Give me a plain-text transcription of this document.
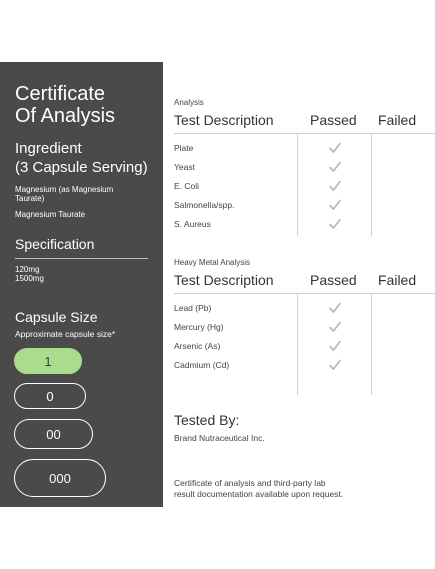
Certificate
Of Analysis
Ingredient
(3 Capsule Serving)
Magnesium (as Magnesium
Taurate)
Magnesium Taurate
Specification
120mg
1500mg
Capsule Size
Approximate capsule size*
1
0
00
000
Analysis
Test Description	Passed Failed
Plate
Yeast
E. Coli
Salmonella/spp.
S. Aureus
Heavy Metal Analysis
Test Description	Passed Failed
Lead (Pb)
Mercury (Hg)
Arsenic (As)
Cadmium (Cd)
Tested By:
Brand Nutraceutical Inc.
Certificate of analysis and third-party lab
result documentation available upon request.
